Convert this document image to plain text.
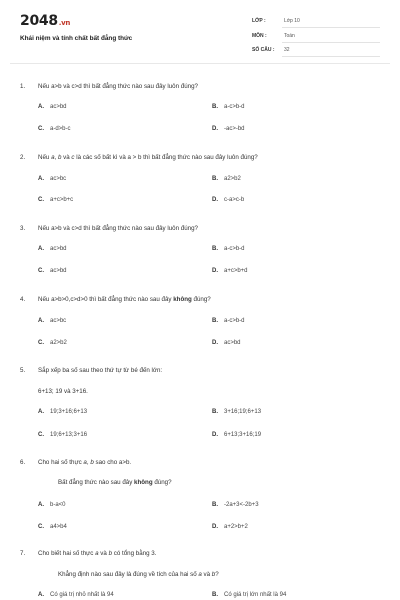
2048.vn
Khái niệm và tính chất bất đẳng thức
LỚP :	Lớp 10
MÔN :	Toán
SỐ CÂU : 32
1. Nếu a>b và c>d thì bất đẳng thức nào sau đây luôn đúng?
A. ac>bd	B. a-c>b-d
C. a-d>b-c	D. -ac>-bd
2. Nếu a, b và c là các số bất kì và a > b thì bất đẳng thức nào sau đây luôn đúng?
A. ac>bc	B. a2>b2
C. a+c>b+c	D. c-a>c-b
3. Nếu a>b và c>d thì bất đẳng thức nào sau đây luôn đúng?
A. ac>bd	B. a-c>b-d
C. ac>bd	D. a+c>b+d
4. Nếu a>b>0,c>d>0 thì bất đẳng thức nào sau đây không đúng?
A. ac>bc	B. a-c>b-d
C. a2>b2	D. ac>bd
5. Sắp xếp ba số sau theo thứ tự từ bé đến lớn:
6+13; 19 và 3+16.
A. 19;3+16;6+13	B. 3+16;19;6+13
C. 19;6+13;3+16	D. 6+13;3+16;19
6. Cho hai số thực a, b sao cho a>b.
Bất đẳng thức nào sau đây không đúng?
A. b-a<0	B. -2a+3<-2b+3
C. a4>b4	D. a+2>b+2
7. Cho biết hai số thực a và b có tổng bằng 3.
Khẳng định nào sau đây là đúng về tích của hai số a và b?
A. Có giá trị nhỏ nhất là 94	B. Có giá trị lớn nhất là 94
